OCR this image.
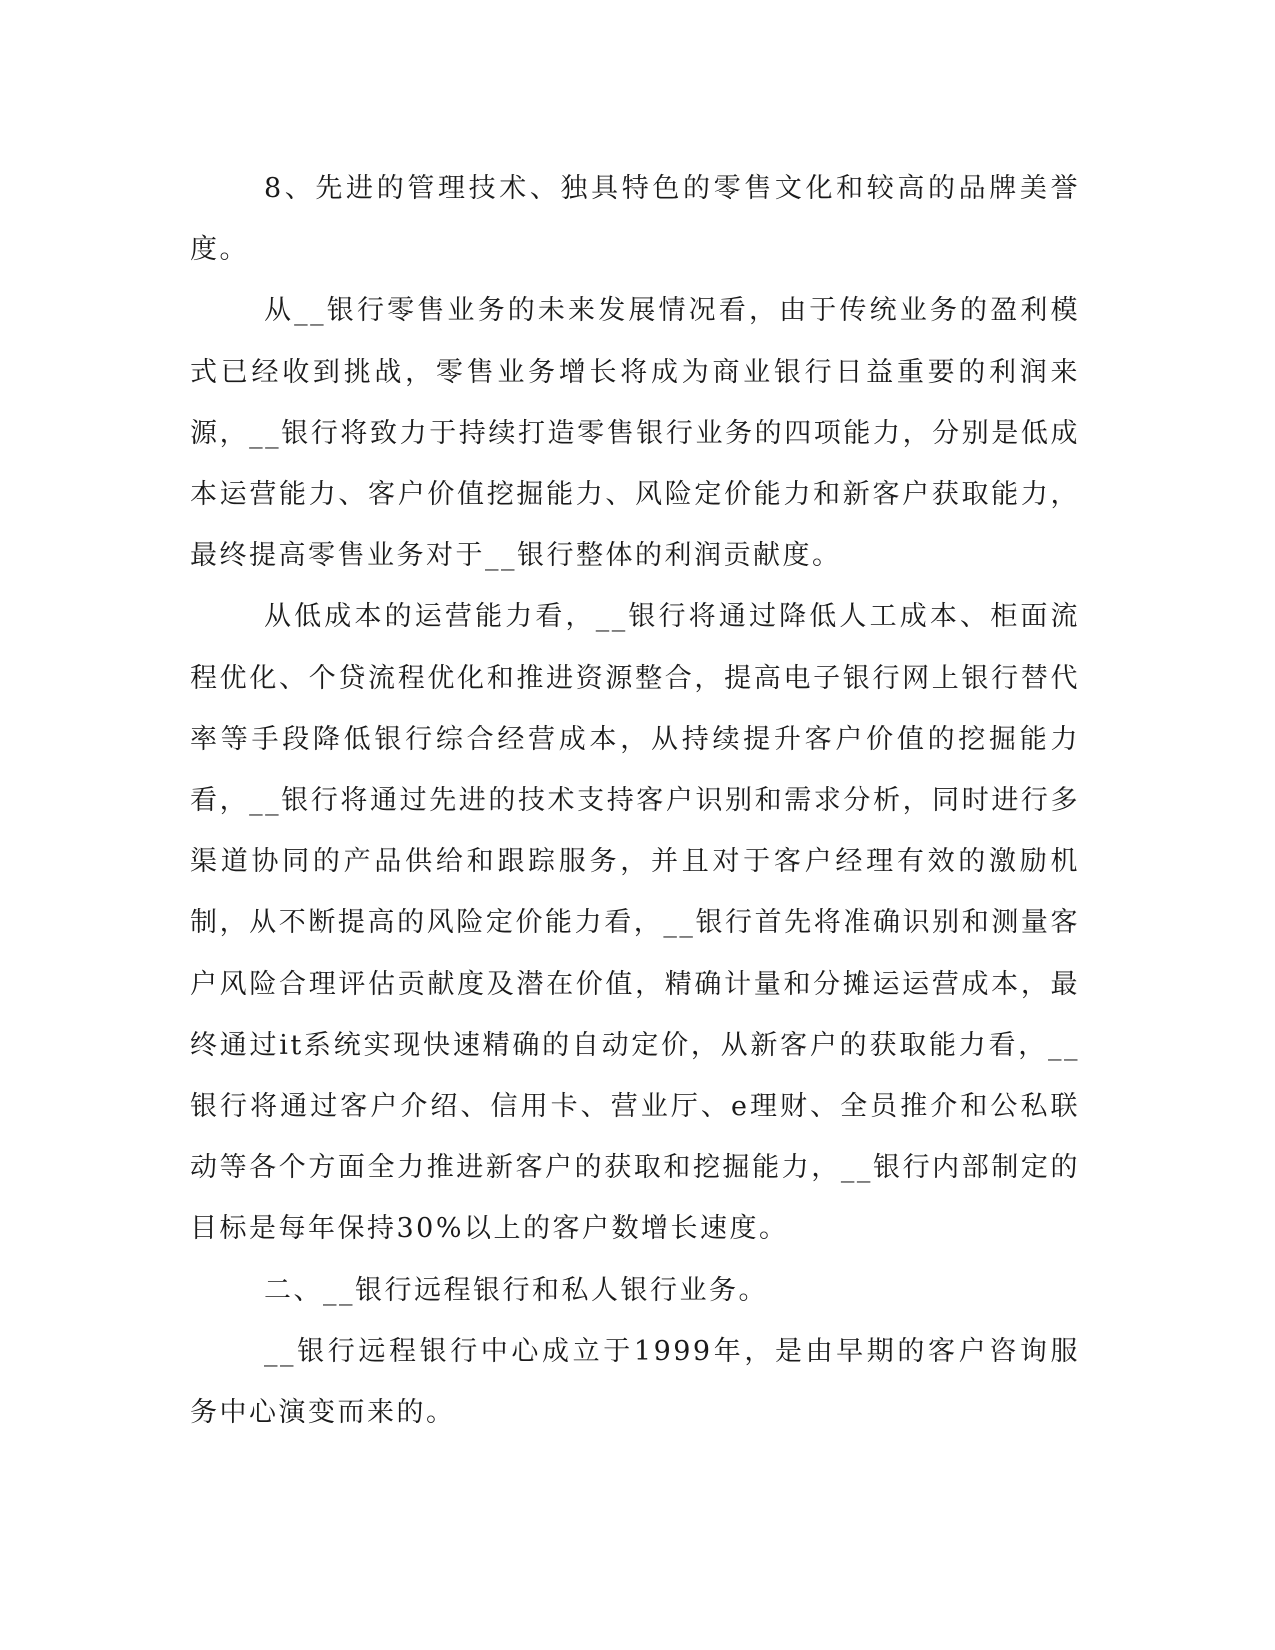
8、先进的管理技术、独具特色的零售文化和较高的品牌美誉度。

从__银行零售业务的未来发展情况看，由于传统业务的盈利模式已经收到挑战，零售业务增长将成为商业银行日益重要的利润来源，__银行将致力于持续打造零售银行业务的四项能力，分别是低成本运营能力、客户价值挖掘能力、风险定价能力和新客户获取能力，最终提高零售业务对于__银行整体的利润贡献度。

从低成本的运营能力看，__银行将通过降低人工成本、柜面流程优化、个贷流程优化和推进资源整合，提高电子银行网上银行替代率等手段降低银行综合经营成本，从持续提升客户价值的挖掘能力看，__银行将通过先进的技术支持客户识别和需求分析，同时进行多渠道协同的产品供给和跟踪服务，并且对于客户经理有效的激励机制，从不断提高的风险定价能力看，__银行首先将准确识别和测量客户风险合理评估贡献度及潜在价值，精确计量和分摊运运营成本，最终通过it系统实现快速精确的自动定价，从新客户的获取能力看，__银行将通过客户介绍、信用卡、营业厅、e理财、全员推介和公私联动等各个方面全力推进新客户的获取和挖掘能力，__银行内部制定的目标是每年保持30%以上的客户数增长速度。

二、__银行远程银行和私人银行业务。

__银行远程银行中心成立于1999年，是由早期的客户咨询服务中心演变而来的。
